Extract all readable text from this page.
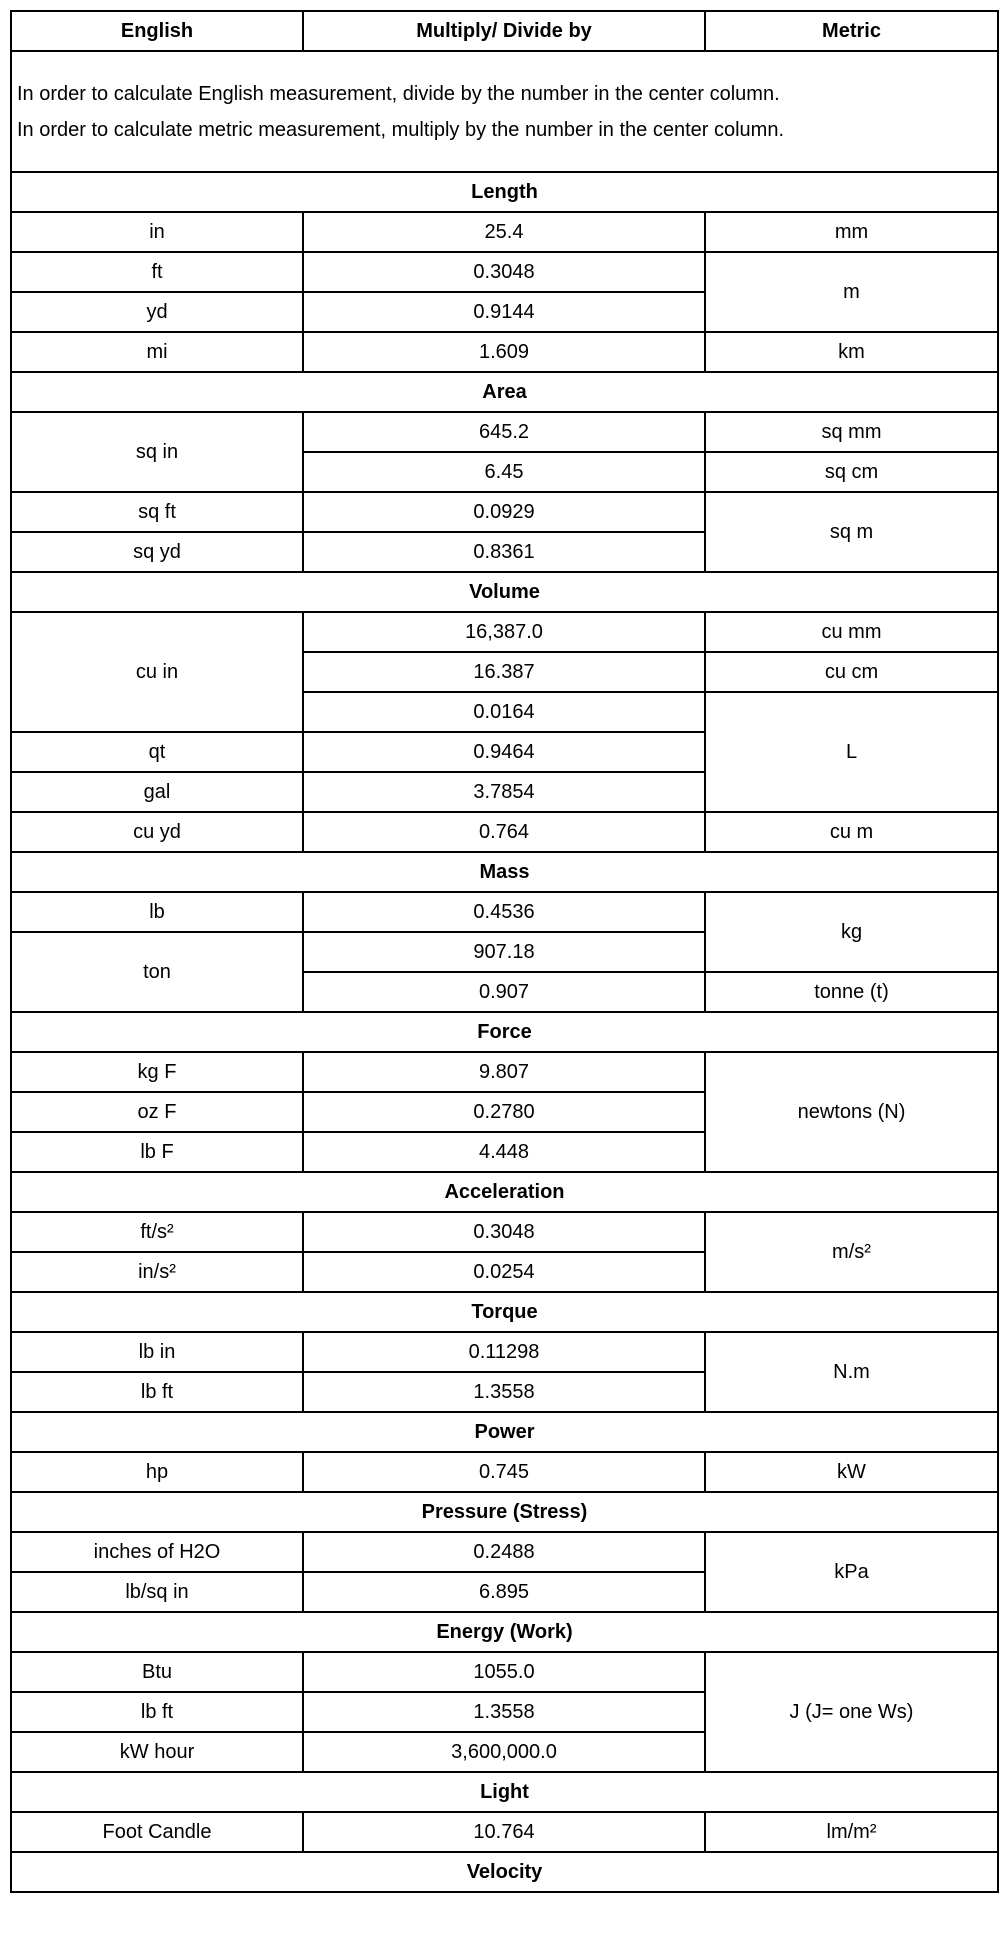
English	Multiply/ Divide by	Metric

In order to calculate English measurement, divide by the number in the center column.
In order to calculate metric measurement, multiply by the number in the center column.		

Length		
in	25.4	mm
ft	0.3048	m
yd	0.9144	
mi	1.609	km
Area		
sq in	645.2	sq mm
	6.45	sq cm
sq ft	0.0929	sq m
sq yd	0.8361	
Volume		
cu in	16,387.0	cu mm
	16.387	cu cm
	0.0164	L
qt	0.9464	
gal	3.7854	
cu yd	0.764	cu m
Mass		
lb	0.4536	kg
ton	907.18	
	0.907	tonne (t)
Force		
kg F	9.807	newtons (N)
oz F	0.2780	
lb F	4.448	
Acceleration		
ft/s²	0.3048	m/s²
in/s²	0.0254	
Torque		
lb in	0.11298	N.m
lb ft	1.3558	
Power		
hp	0.745	kW
Pressure (Stress)		
inches of H2O	0.2488	kPa
lb/sq in	6.895	
Energy (Work)		
Btu	1055.0	J (J= one Ws)
lb ft	1.3558	
kW hour	3,600,000.0	
Light		
Foot Candle	10.764	lm/m²
Velocity		
